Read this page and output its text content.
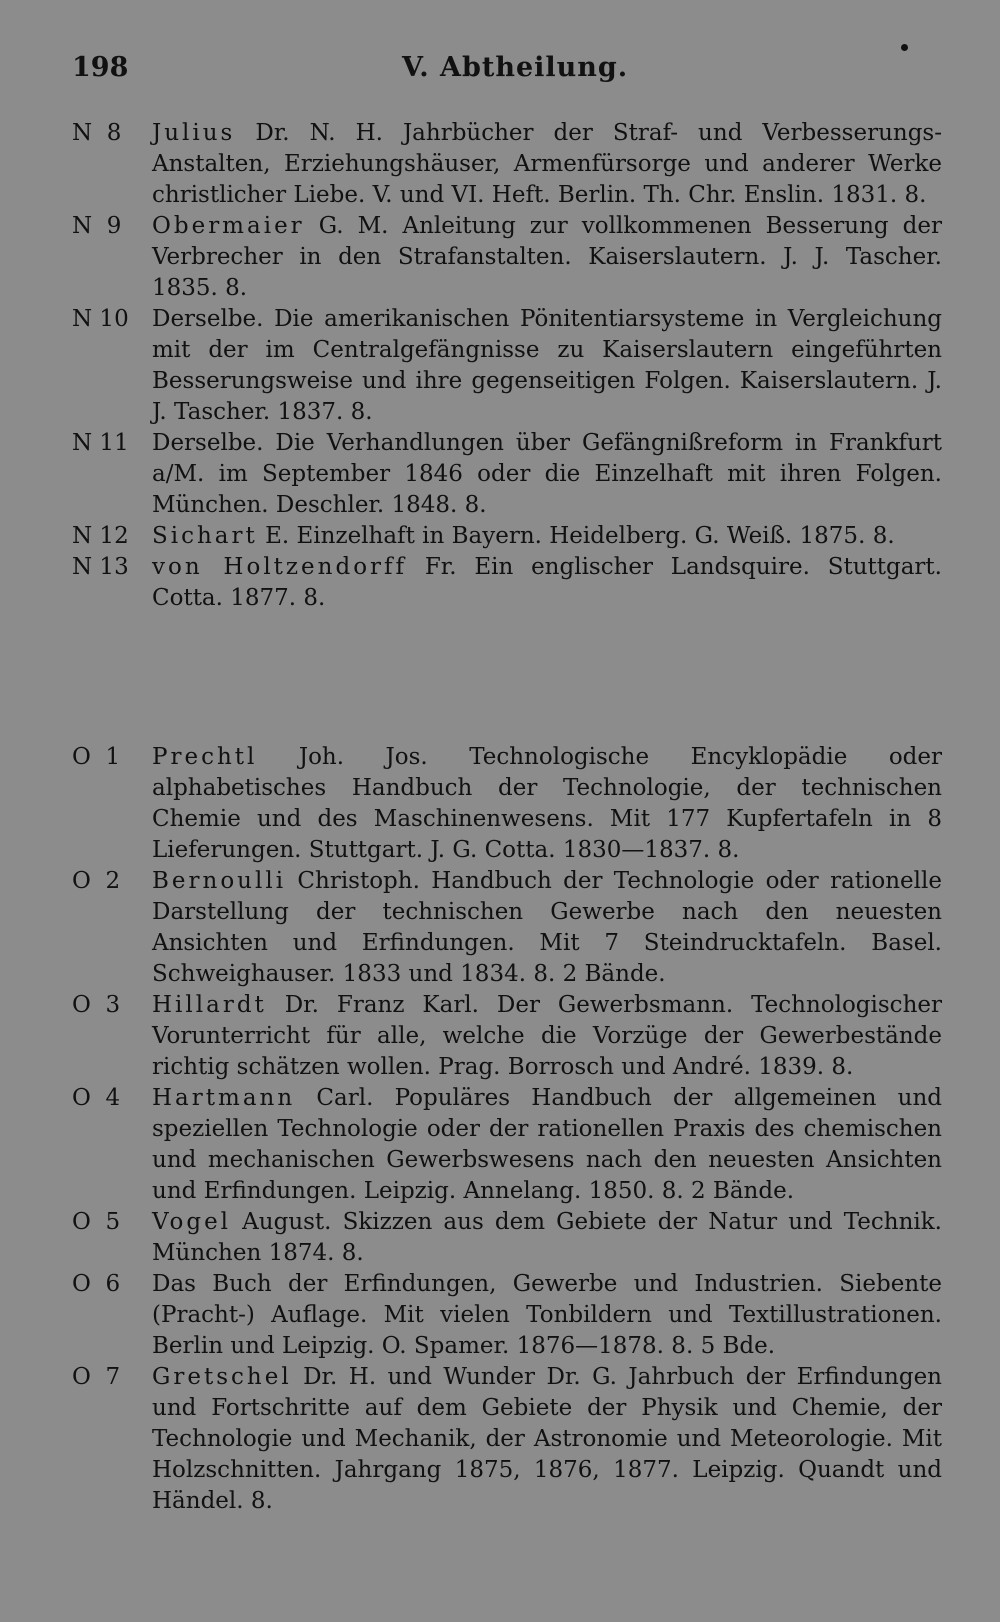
198	V. Abtheilung.
N  8	Julius Dr. N. H. Jahrbücher der Straf- und Verbesserungs-Anstalten, Erziehungshäuser, Armenfürsorge und anderer Werke christlicher Liebe. V. und VI. Heft. Berlin. Th. Chr. Enslin. 1831. 8.
N  9	Obermaier G. M. Anleitung zur vollkommenen Besserung der Verbrecher in den Strafanstalten. Kaiserslautern. J. J. Tascher. 1835. 8.
N 10	Derselbe. Die amerikanischen Pönitentiarsysteme in Vergleichung mit der im Centralgefängnisse zu Kaiserslautern eingeführten Besserungsweise und ihre gegenseitigen Folgen. Kaiserslautern. J. J. Tascher. 1837. 8.
N 11	Derselbe. Die Verhandlungen über Gefängnißreform in Frankfurt a/M. im September 1846 oder die Einzelhaft mit ihren Folgen. München. Deschler. 1848. 8.
N 12	Sichart E. Einzelhaft in Bayern. Heidelberg. G. Weiß. 1875. 8.
N 13	von Holtzendorff Fr. Ein englischer Landsquire. Stuttgart. Cotta. 1877. 8.
O  1	Prechtl Joh. Jos. Technologische Encyklopädie oder alphabetisches Handbuch der Technologie, der technischen Chemie und des Maschinenwesens. Mit 177 Kupfertafeln in 8 Lieferungen. Stuttgart. J. G. Cotta. 1830—1837. 8.
O  2	Bernoulli Christoph. Handbuch der Technologie oder rationelle Darstellung der technischen Gewerbe nach den neuesten Ansichten und Erfindungen. Mit 7 Steindrucktafeln. Basel. Schweighauser. 1833 und 1834. 8. 2 Bände.
O  3	Hillardt Dr. Franz Karl. Der Gewerbsmann. Technologischer Vorunterricht für alle, welche die Vorzüge der Gewerbestände richtig schätzen wollen. Prag. Borrosch und André. 1839. 8.
O  4	Hartmann Carl. Populäres Handbuch der allgemeinen und speziellen Technologie oder der rationellen Praxis des chemischen und mechanischen Gewerbswesens nach den neuesten Ansichten und Erfindungen. Leipzig. Annelang. 1850. 8. 2 Bände.
O  5	Vogel August. Skizzen aus dem Gebiete der Natur und Technik. München 1874. 8.
O  6	Das Buch der Erfindungen, Gewerbe und Industrien. Siebente (Pracht-) Auflage. Mit vielen Tonbildern und Textillustrationen. Berlin und Leipzig. O. Spamer. 1876—1878. 8. 5 Bde.
O  7	Gretschel Dr. H. und Wunder Dr. G. Jahrbuch der Erfindungen und Fortschritte auf dem Gebiete der Physik und Chemie, der Technologie und Mechanik, der Astronomie und Meteorologie. Mit Holzschnitten. Jahrgang 1875, 1876, 1877. Leipzig. Quandt und Händel. 8.
